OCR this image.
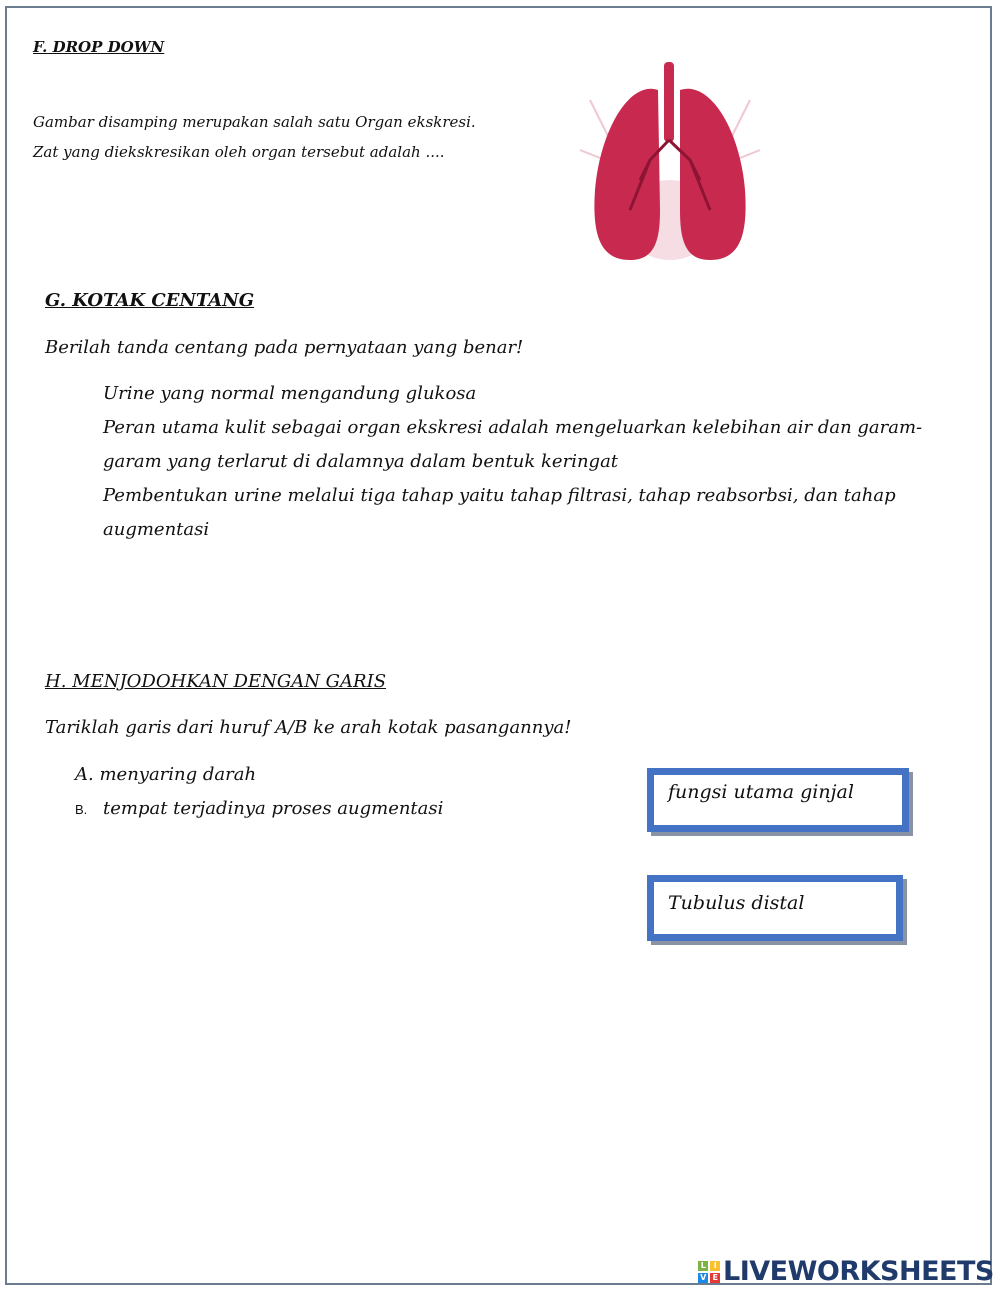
F. DROP DOWN
Gambar disamping merupakan salah satu Organ ekskresi.
Zat yang diekskresikan oleh organ tersebut adalah ....
G. KOTAK CENTANG
Berilah tanda centang pada pernyataan yang benar!
Urine yang normal mengandung glukosa
Peran utama kulit sebagai organ ekskresi adalah mengeluarkan kelebihan air dan garam-
garam yang terlarut di dalamnya dalam bentuk keringat
Pembentukan urine melalui tiga tahap yaitu tahap filtrasi, tahap reabsorbsi, dan tahap
augmentasi
H. MENJODOHKAN DENGAN GARIS
Tariklah garis dari huruf A/B ke arah kotak pasangannya!
A. menyaring darah
B. tempat terjadinya proses augmentasi
fungsi utama ginjal
Tubulus distal
L	I
V E LIVEWORKSHEETS
